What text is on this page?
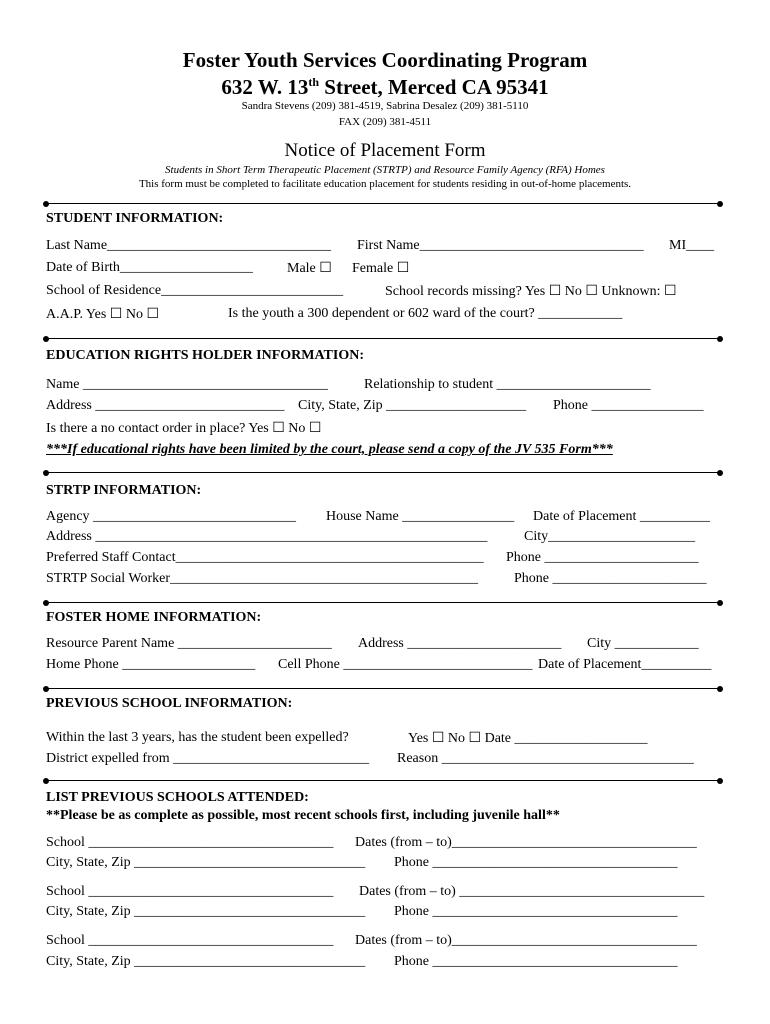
Foster Youth Services Coordinating Program
632 W. 13th Street, Merced CA 95341
Sandra Stevens (209) 381-4519, Sabrina Desalez (209) 381-5110
FAX (209) 381-4511
Notice of Placement Form
Students in Short Term Therapeutic Placement (STRTP) and Resource Family Agency (RFA) Homes
This form must be completed to facilitate education placement for students residing in out-of-home placements.
STUDENT INFORMATION:
Last Name________________________________ First Name________________________________ MI____
Date of Birth___________________ Male ☐ Female ☐
School of Residence__________________________	School records missing? Yes ☐ No ☐ Unknown: ☐
A.A.P. Yes ☐ No ☐	Is the youth a 300 dependent or 602 ward of the court? ____________
EDUCATION RIGHTS HOLDER INFORMATION:
Name ___________________________________	Relationship to student ______________________
Address ___________________________ City, State, Zip ____________________ Phone ________________
Is there a no contact order in place? Yes ☐ No ☐
***If educational rights have been limited by the court, please send a copy of the JV 535 Form***
STRTP INFORMATION:
Agency _____________________________ House Name ________________ Date of Placement __________
Address ________________________________________________________	City_____________________
Preferred Staff Contact____________________________________________ Phone ______________________
STRTP Social Worker____________________________________________	Phone ______________________
FOSTER HOME INFORMATION:
Resource Parent Name ______________________ Address ______________________ City ____________
Home Phone ___________________ Cell Phone ___________________________ Date of Placement__________
PREVIOUS SCHOOL INFORMATION:
Within the last 3 years, has the student been expelled?	Yes ☐ No ☐ Date ___________________
District expelled from ____________________________ Reason ____________________________________
LIST PREVIOUS SCHOOLS ATTENDED:
**Please be as complete as possible, most recent schools first, including juvenile hall**
School ___________________________________ Dates (from – to)___________________________________
City, State, Zip _________________________________ Phone ___________________________________
School ___________________________________ Dates (from – to) ___________________________________
City, State, Zip _________________________________ Phone ___________________________________
School ___________________________________ Dates (from – to)___________________________________
City, State, Zip _________________________________ Phone ___________________________________
